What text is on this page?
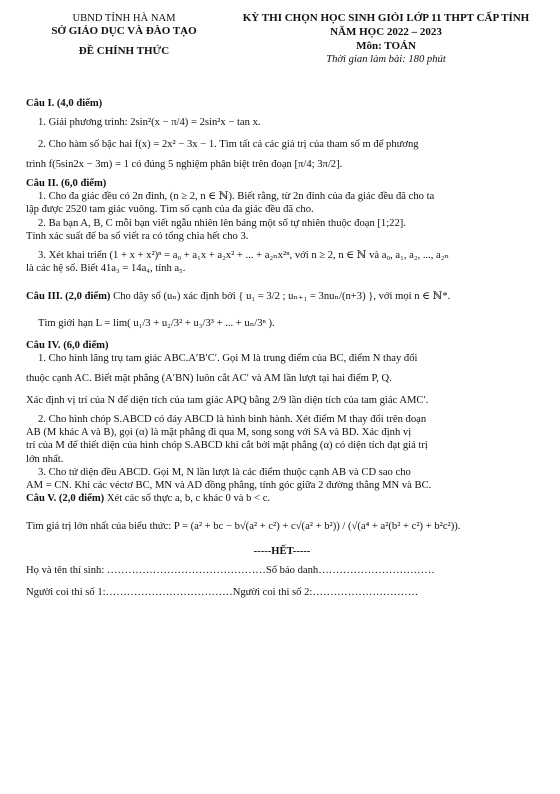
UBND TỈNH HÀ NAM
SỞ GIÁO DỤC VÀ ĐÀO TẠO
ĐỀ CHÍNH THỨC
KỲ THI CHỌN HỌC SINH GIỎI LỚP 11 THPT CẤP TỈNH
NĂM HỌC 2022 – 2023
Môn: TOÁN
Thời gian làm bài: 180 phút

Câu I. (4,0 điểm)

1. Giải phương trình: 2sin²(x − π/4) = 2sin²x − tan x.

2. Cho hàm số bậc hai f(x) = 2x² − 3x − 1. Tìm tất cả các giá trị của tham số m để phương

trình f(5sin2x − 3m) = 1 có đúng 5 nghiệm phân biệt trên đoạn [π/4; 3π/2].

Câu II. (6,0 điểm)

1. Cho đa giác đều có 2n đỉnh, (n ≥ 2, n ∈ ℕ). Biết rằng, từ 2n đỉnh của đa giác đều đã cho ta

lập được 2520 tam giác vuông. Tìm số cạnh của đa giác đều đã cho.

2. Ba bạn A, B, C mỗi bạn viết ngẫu nhiên lên bảng một số tự nhiên thuộc đoạn [1;22].

Tính xác suất để ba số viết ra có tổng chia hết cho 3.

3. Xét khai triển (1 + x + x²)ⁿ = a₀ + a₁x + a₂x² + ... + a₂ₙx²ⁿ, với n ≥ 2, n ∈ ℕ và a₀, a₁, a₂, ..., a₂ₙ

là các hệ số. Biết 41a₃ = 14a₄, tính a₅.

Câu III. (2,0 điểm) Cho dãy số (uₙ) xác định bởi { u₁ = 3/2 ; uₙ₊₁ = 3nuₙ/(n+3) }, với mọi n ∈ ℕ*.

Tìm giới hạn L = lim( u₁/3 + u₂/3² + u₃/3³ + ... + uₙ/3ⁿ ).

Câu IV. (6,0 điểm)

1. Cho hình lăng trụ tam giác ABC.A′B′C′. Gọi M là trung điểm của BC, điểm N thay đổi

thuộc cạnh AC. Biết mặt phẳng (A′BN) luôn cắt AC′ và AM lần lượt tại hai điểm P, Q.

Xác định vị trí của N để diện tích của tam giác APQ bằng 2/9 lần diện tích của tam giác AMC′.

2. Cho hình chóp S.ABCD có đáy ABCD là hình bình hành. Xét điểm M thay đổi trên đoạn

AB (M khác A và B), gọi (α) là mặt phẳng đi qua M, song song với SA và BD. Xác định vị

trí của M để thiết diện của hình chóp S.ABCD khi cắt bởi mặt phẳng (α) có diện tích đạt giá trị

lớn nhất.

3. Cho tứ diện đều ABCD. Gọi M, N lần lượt là các điểm thuộc cạnh AB và CD sao cho

AM = CN. Khi các véctơ BC, MN và AD đồng phẳng, tính góc giữa 2 đường thẳng MN và BC.

Câu V. (2,0 điểm) Xét các số thực a, b, c khác 0 và b < c.

Tìm giá trị lớn nhất của biểu thức: P = (a² + bc − b√(a² + c²) + c√(a² + b²)) / (√(a⁴ + a²(b² + c²) + b²c²)).

-----HẾT-----
Họ và tên thí sinh: ………………………………………Số báo danh……………………………
Người coi thi số 1:………………………………Người coi thi số 2:…………………………
